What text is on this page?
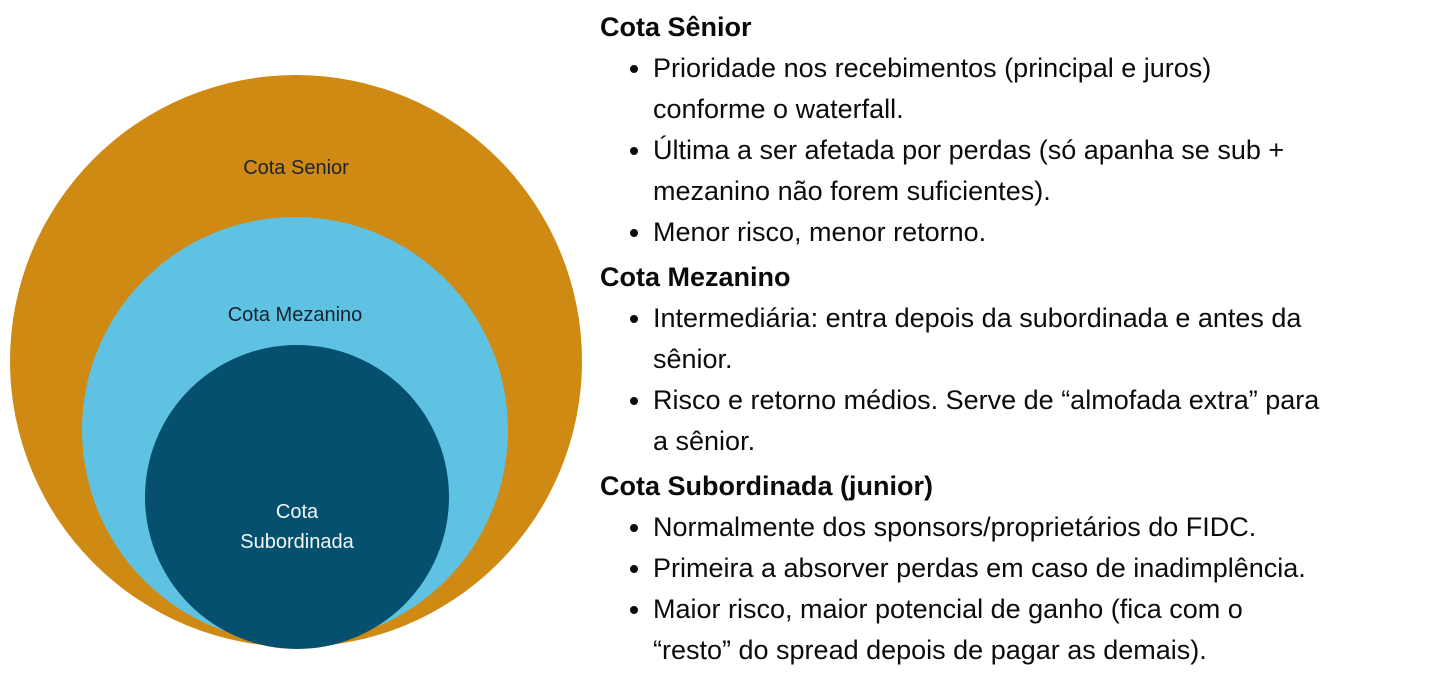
Cota Senior
Cota Mezanino
Cota
Subordinada
Cota Sênior
• Prioridade nos recebimentos (principal e juros)
conforme o waterfall.
• Última a ser afetada por perdas (só apanha se sub +
mezanino não forem suficientes).
• Menor risco, menor retorno.
Cota Mezanino
• Intermediária: entra depois da subordinada e antes da
sênior.
• Risco e retorno médios. Serve de “almofada extra” para
a sênior.
Cota Subordinada (junior)
• Normalmente dos sponsors/proprietários do FIDC.
• Primeira a absorver perdas em caso de inadimplência.
• Maior risco, maior potencial de ganho (fica com o
“resto” do spread depois de pagar as demais).
